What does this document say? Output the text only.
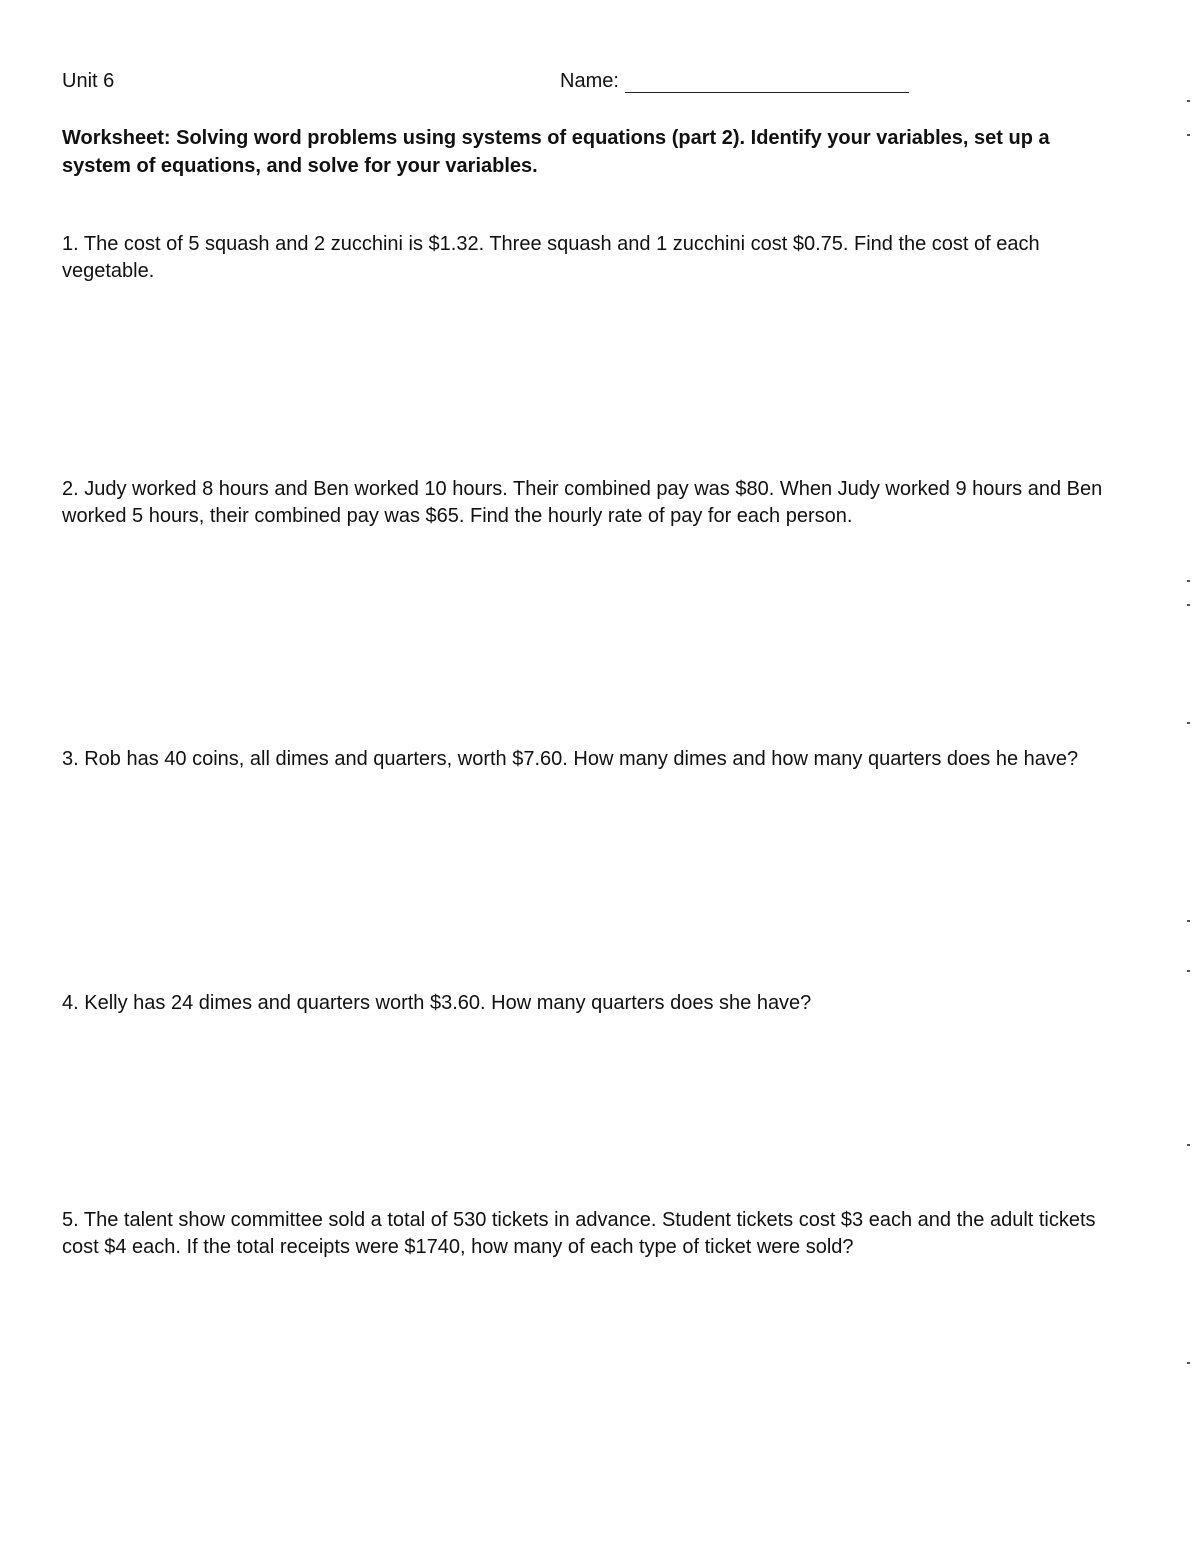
Unit 6	Name:
Worksheet: Solving word problems using systems of equations (part 2). Identify your variables, set up a system of equations, and solve for your variables.
1. The cost of 5 squash and 2 zucchini is $1.32. Three squash and 1 zucchini cost $0.75. Find the cost of each vegetable.
2. Judy worked 8 hours and Ben worked 10 hours. Their combined pay was $80. When Judy worked 9 hours and Ben worked 5 hours, their combined pay was $65. Find the hourly rate of pay for each person.
3. Rob has 40 coins, all dimes and quarters, worth $7.60. How many dimes and how many quarters does he have?
4. Kelly has 24 dimes and quarters worth $3.60. How many quarters does she have?
5. The talent show committee sold a total of 530 tickets in advance. Student tickets cost $3 each and the adult tickets cost $4 each. If the total receipts were $1740, how many of each type of ticket were sold?
